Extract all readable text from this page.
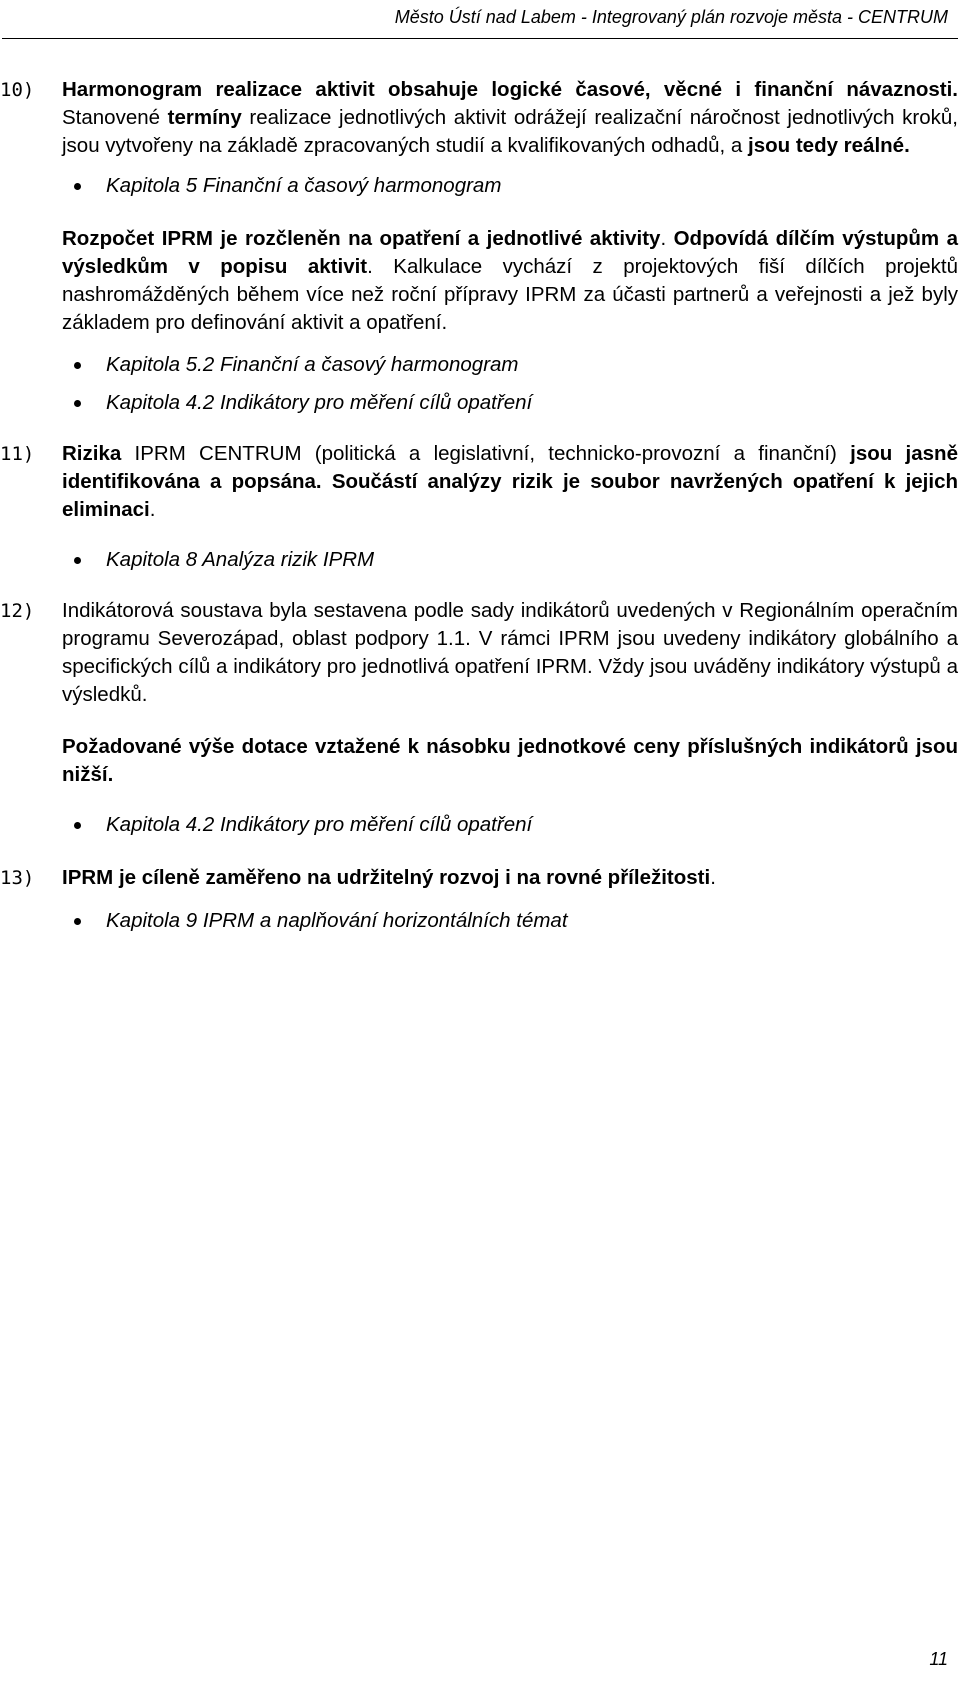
Město Ústí nad Labem - Integrovaný plán rozvoje města - CENTRUM
10) Harmonogram realizace aktivit obsahuje logické časové, věcné i finanční návaznosti. Stanovené termíny realizace jednotlivých aktivit odrážejí realizační náročnost jednotlivých kroků, jsou vytvořeny na základě zpracovaných studií a kvalifikovaných odhadů, a jsou tedy reálné.
Kapitola 5 Finanční a časový harmonogram
Rozpočet IPRM je rozčleněn na opatření a jednotlivé aktivity. Odpovídá dílčím výstupům a výsledkům v popisu aktivit. Kalkulace vychází z projektových fiší dílčích projektů nashromážděných během více než roční přípravy IPRM za účasti partnerů a veřejnosti a jež byly základem pro definování aktivit a opatření.
Kapitola 5.2 Finanční a časový harmonogram
Kapitola 4.2 Indikátory pro měření cílů opatření
11) Rizika IPRM CENTRUM (politická a legislativní, technicko-provozní a finanční) jsou jasně identifikována a popsána. Součástí analýzy rizik je soubor navržených opatření k jejich eliminaci.
Kapitola 8 Analýza rizik IPRM
12) Indikátorová soustava byla sestavena podle sady indikátorů uvedených v Regionálním operačním programu Severozápad, oblast podpory 1.1. V rámci IPRM jsou uvedeny indikátory globálního a specifických cílů a indikátory pro jednotlivá opatření IPRM. Vždy jsou uváděny indikátory výstupů a výsledků.
Požadované výše dotace vztažené k násobku jednotkové ceny příslušných indikátorů jsou nižší.
Kapitola 4.2 Indikátory pro měření cílů opatření
13) IPRM je cíleně zaměřeno na udržitelný rozvoj i na rovné příležitosti.
Kapitola 9 IPRM a naplňování horizontálních témat
11
